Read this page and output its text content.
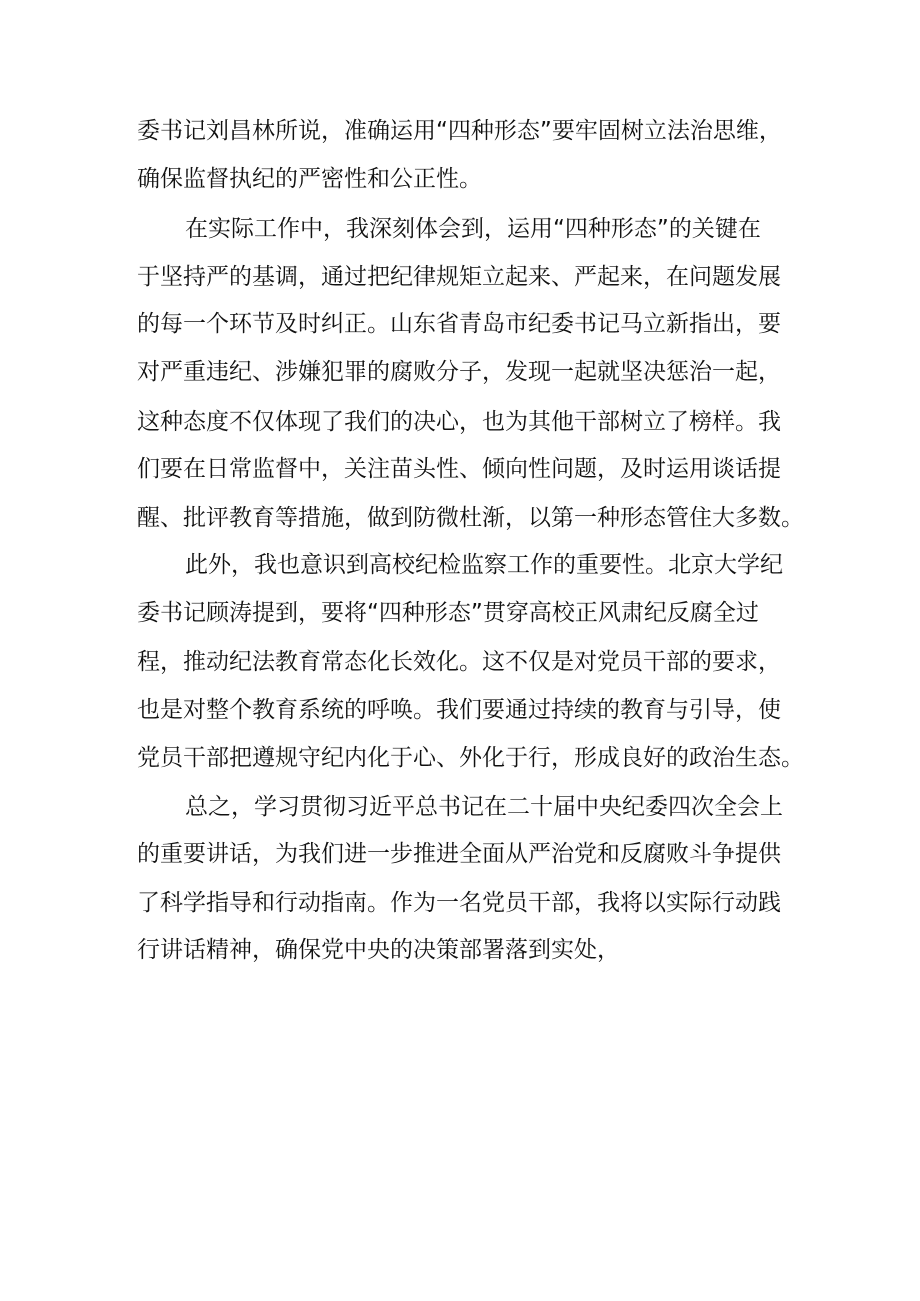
委书记刘昌林所说，准确运用“四种形态”要牢固树立法治思维，
确保监督执纪的严密性和公正性。
在实际工作中，我深刻体会到，运用“四种形态”的关键在
于坚持严的基调，通过把纪律规矩立起来、严起来，在问题发展
的每一个环节及时纠正。山东省青岛市纪委书记马立新指出，要
对严重违纪、涉嫌犯罪的腐败分子，发现一起就坚决惩治一起，
这种态度不仅体现了我们的决心，也为其他干部树立了榜样。我
们要在日常监督中，关注苗头性、倾向性问题，及时运用谈话提
醒、批评教育等措施，做到防微杜渐，以第一种形态管住大多数。
此外，我也意识到高校纪检监察工作的重要性。北京大学纪
委书记顾涛提到，要将“四种形态”贯穿高校正风肃纪反腐全过
程，推动纪法教育常态化长效化。这不仅是对党员干部的要求，
也是对整个教育系统的呼唤。我们要通过持续的教育与引导，使
党员干部把遵规守纪内化于心、外化于行，形成良好的政治生态。
总之，学习贯彻习近平总书记在二十届中央纪委四次全会上
的重要讲话，为我们进一步推进全面从严治党和反腐败斗争提供
了科学指导和行动指南。作为一名党员干部，我将以实际行动践
行讲话精神，确保党中央的决策部署落到实处，
